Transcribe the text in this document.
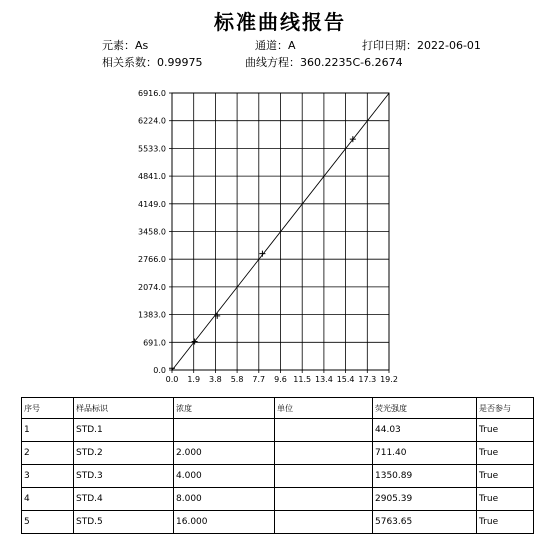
标准曲线报告
元素：As	通道：A	打印日期：2022-06-01
相关系数：0.99975	曲线方程：360.2235C-6.2674
0.0 1.9 3.8 5.8 7.7 9.6 11.5 13.4 15.4 17.3 19.2
0.0
691.0
1383.0
2074.0
2766.0
3458.0
4149.0
4841.0
5533.0
6224.0
6916.0
序号	样品标识	浓度	单位	荧光强度	是否参与
1	STD.1			44.03	True
2	STD.2	2.000		711.40	True
3	STD.3	4.000		1350.89	True
4	STD.4	8.000		2905.39	True
5	STD.5	16.000		5763.65	True
